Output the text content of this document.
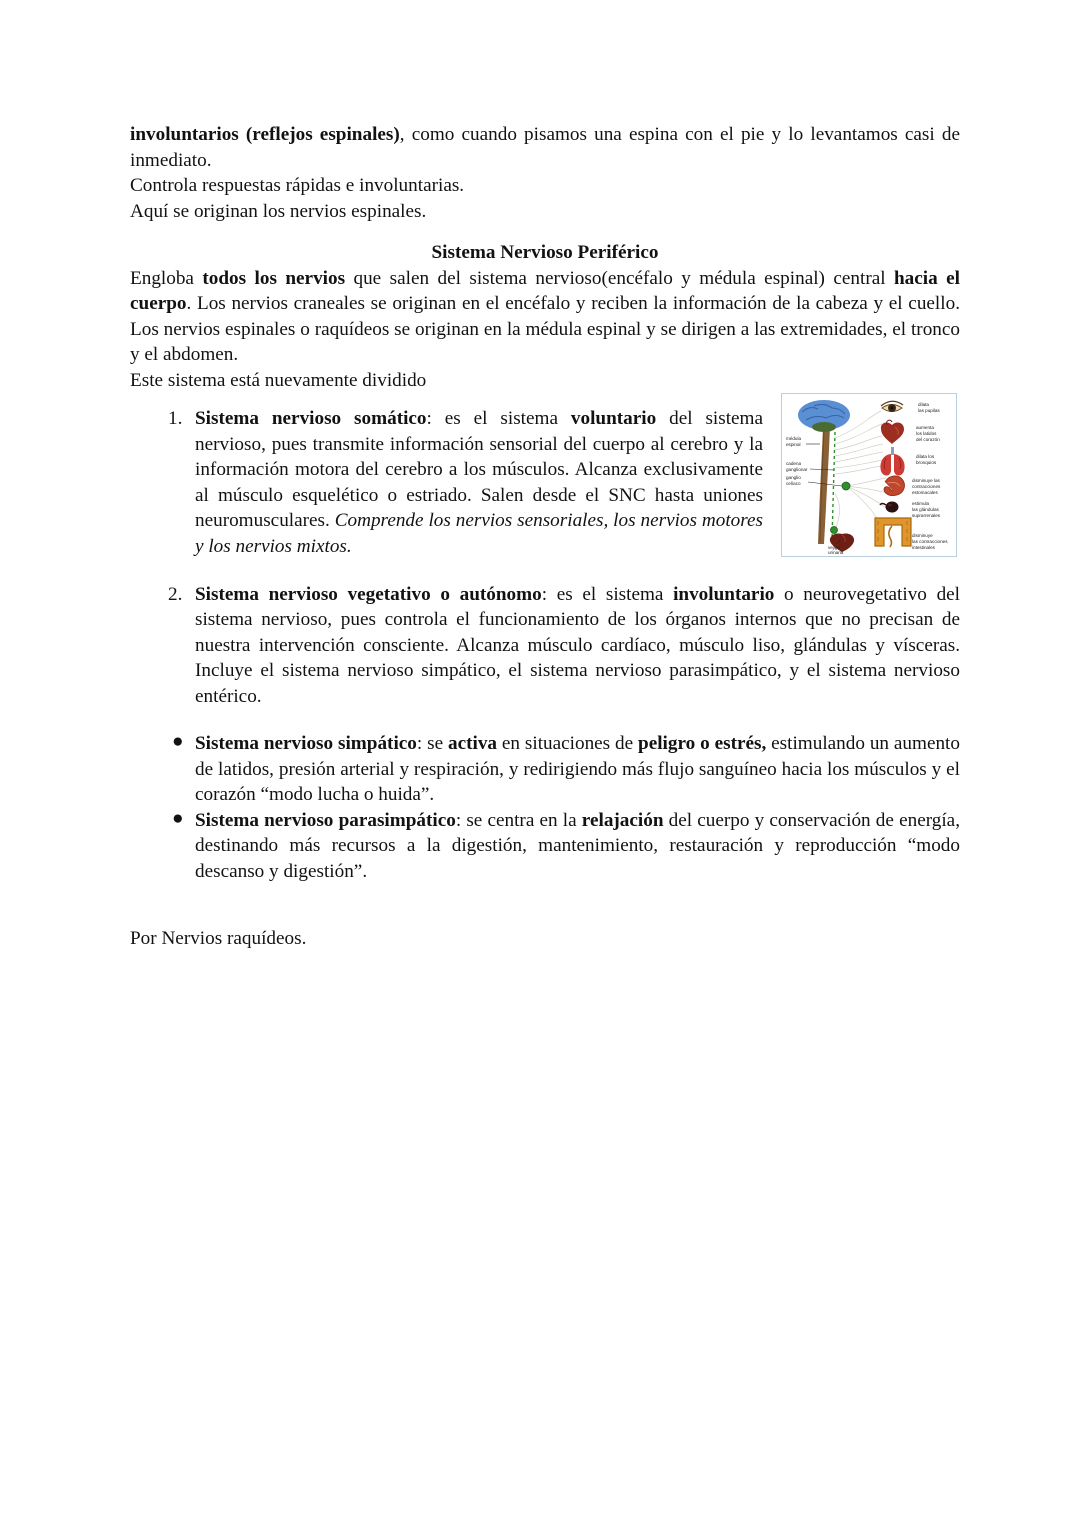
involuntarios (reflejos espinales), como cuando pisamos una espina con el pie y lo levantamos casi de inmediato.

Controla respuestas rápidas e involuntarias.

Aquí se originan los nervios espinales.

Sistema Nervioso Periférico

Engloba todos los nervios que salen del sistema nervioso(encéfalo y médula espinal) central hacia el cuerpo. Los nervios craneales se originan en el encéfalo y reciben la información de la cabeza y el cuello. Los nervios espinales o raquídeos se originan en la médula espinal y se dirigen a las extremidades, el tronco y el abdomen.

Este sistema está nuevamente dividido

1. Sistema nervioso somático: es el sistema voluntario del sistema nervioso, pues transmite información sensorial del cuerpo al cerebro y la información motora del cerebro a los músculos. Alcanza exclusivamente al músculo esquelético o estriado. Salen desde el SNC hasta uniones neuromusculares. Comprende los nervios sensoriales, los nervios motores y los nervios mixtos.
2. Sistema nervioso vegetativo o autónomo: es el sistema involuntario o neurovegetativo del sistema nervioso, pues controla el funcionamiento de los órganos internos que no precisan de nuestra intervención consciente. Alcanza músculo cardíaco, músculo liso, glándulas y vísceras. Incluye el sistema nervioso simpático, el sistema nervioso parasimpático, y el sistema nervioso entérico.
● Sistema nervioso simpático: se activa en situaciones de peligro o estrés, estimulando un aumento de latidos, presión arterial y respiración, y redirigiendo más flujo sanguíneo hacia los músculos y el corazón “modo lucha o huida”.
● Sistema nervioso parasimpático: se centra en la relajación del cuerpo y conservación de energía, destinando más recursos a la digestión, mantenimiento, restauración y reproducción “modo descanso y digestión”.

Por Nervios raquídeos.

médula
espinal
cadena
ganglionar
ganglio
celíaco
vejiga
urinaria
dilata
las pupilas
aumenta
los latidos
del corazón
dilata los
bronquios
disminuye las
contracciones
estomacales
estimula
las glándulas
suprarrenales
disminuye
las contracciones
intestinales
